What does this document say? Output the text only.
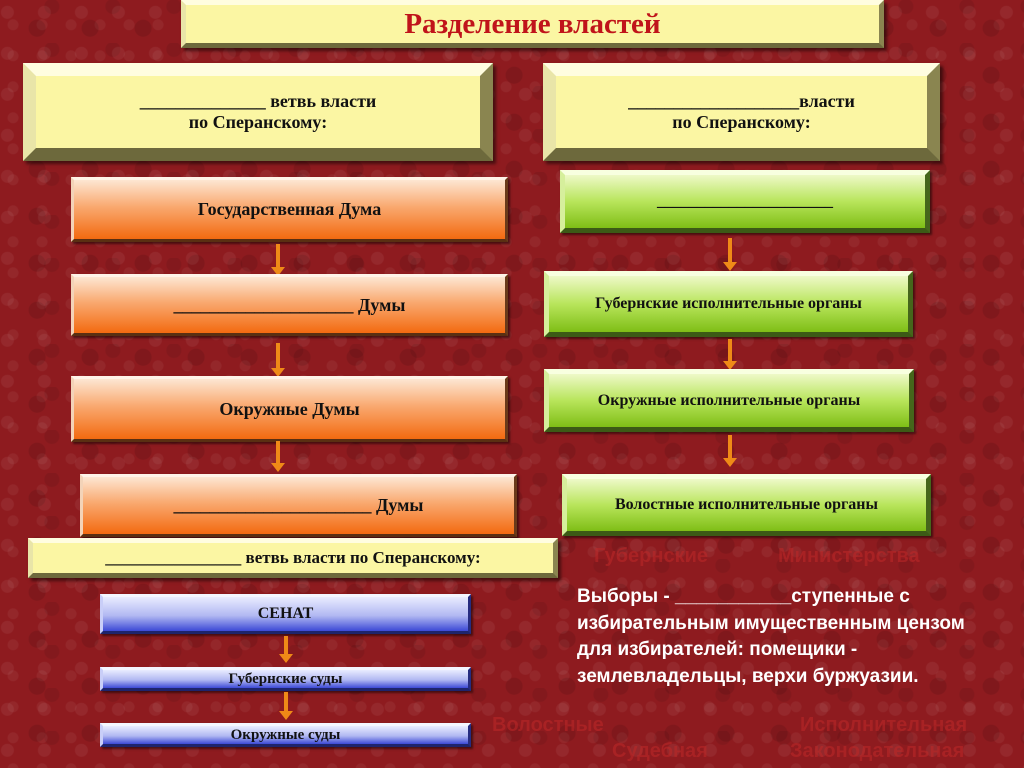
Губернские	Министерства
Волостные	Исполнительная
Судебная	Законодательная
Разделение властей
______________ ветвь власти
по Сперанскому:
___________________власти
по Сперанскому:
Государственная Дума
____________________ Думы
Окружные Думы
______________________ Думы
______________________
Губернские исполнительные органы
Окружные исполнительные органы
Волостные исполнительные органы
________________ ветвь власти по Сперанскому:
СЕНАТ
Губернские суды
Окружные суды
Выборы - ___________ступенные с избирательным имущественным цензом для избирателей: помещики - землевладельцы, верхи буржуазии.
